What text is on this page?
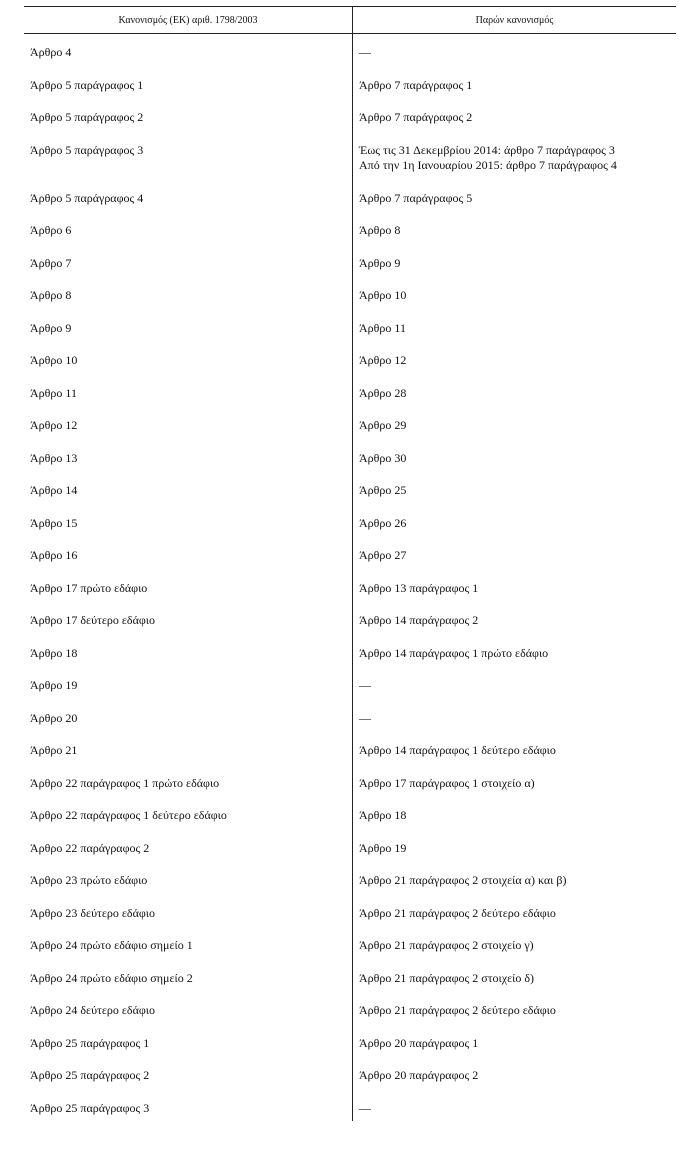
Κανονισμός (ΕΚ) αριθ. 1798/2003	Παρών κανονισμός
Άρθρο 4	—

Άρθρο 5 παράγραφος 1	Άρθρο 7 παράγραφος 1

Άρθρο 5 παράγραφος 2	Άρθρο 7 παράγραφος 2

Άρθρο 5 παράγραφος 3	Έως τις 31 Δεκεμβρίου 2014: άρθρο 7 παράγραφος 3
Από την 1η Ιανουαρίου 2015: άρθρο 7 παράγραφος 4

Άρθρο 5 παράγραφος 4	Άρθρο 7 παράγραφος 5

Άρθρο 6	Άρθρο 8

Άρθρο 7	Άρθρο 9

Άρθρο 8	Άρθρο 10

Άρθρο 9	Άρθρο 11

Άρθρο 10	Άρθρο 12

Άρθρο 11	Άρθρο 28

Άρθρο 12	Άρθρο 29

Άρθρο 13	Άρθρο 30

Άρθρο 14	Άρθρο 25

Άρθρο 15	Άρθρο 26

Άρθρο 16	Άρθρο 27

Άρθρο 17 πρώτο εδάφιο	Άρθρο 13 παράγραφος 1

Άρθρο 17 δεύτερο εδάφιο	Άρθρο 14 παράγραφος 2

Άρθρο 18	Άρθρο 14 παράγραφος 1 πρώτο εδάφιο

Άρθρο 19	—

Άρθρο 20	—

Άρθρο 21	Άρθρο 14 παράγραφος 1 δεύτερο εδάφιο

Άρθρο 22 παράγραφος 1 πρώτο εδάφιο	Άρθρο 17 παράγραφος 1 στοιχείο α)

Άρθρο 22 παράγραφος 1 δεύτερο εδάφιο	Άρθρο 18

Άρθρο 22 παράγραφος 2	Άρθρο 19

Άρθρο 23 πρώτο εδάφιο	Άρθρο 21 παράγραφος 2 στοιχεία α) και β)

Άρθρο 23 δεύτερο εδάφιο	Άρθρο 21 παράγραφος 2 δεύτερο εδάφιο

Άρθρο 24 πρώτο εδάφιο σημείο 1	Άρθρο 21 παράγραφος 2 στοιχείο γ)

Άρθρο 24 πρώτο εδάφιο σημείο 2	Άρθρο 21 παράγραφος 2 στοιχείο δ)

Άρθρο 24 δεύτερο εδάφιο	Άρθρο 21 παράγραφος 2 δεύτερο εδάφιο

Άρθρο 25 παράγραφος 1	Άρθρο 20 παράγραφος 1

Άρθρο 25 παράγραφος 2	Άρθρο 20 παράγραφος 2

Άρθρο 25 παράγραφος 3	—
